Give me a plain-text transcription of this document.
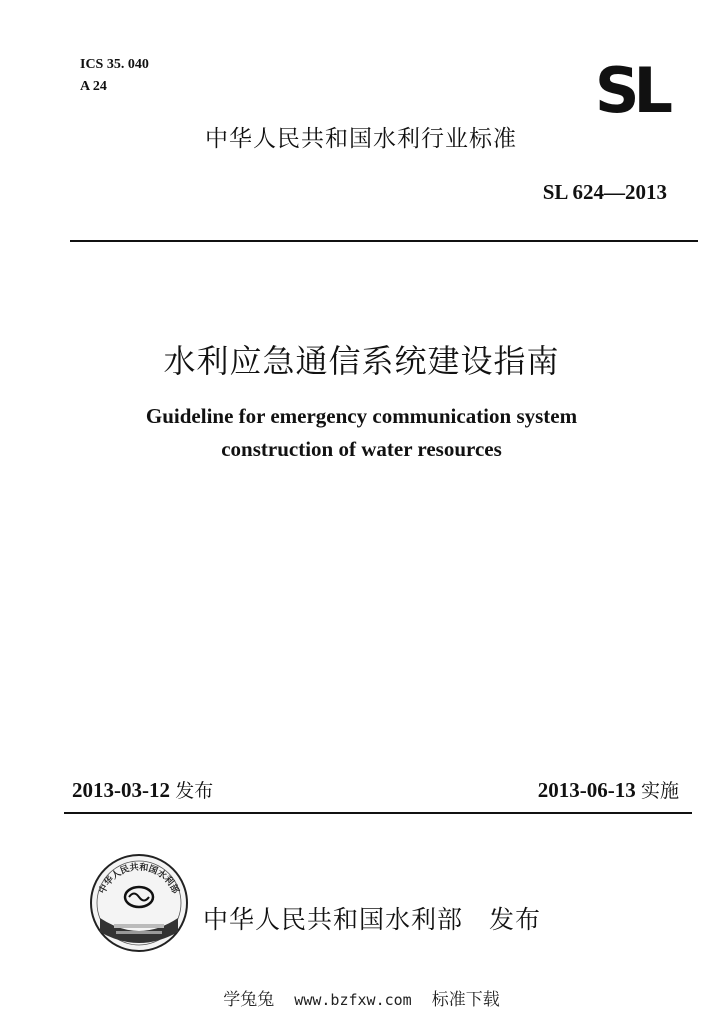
ICS 35. 040
A 24	SL
中华人民共和国水利行业标准
SL 624—2013
水利应急通信系统建设指南
Guideline for emergency communication system
construction of water resources
2013-03-12 发布	2013-06-13 实施
中华人民共和国水利部
中华人民共和国水利部 发布
学兔兔 www.bzfxw.com 标准下载
